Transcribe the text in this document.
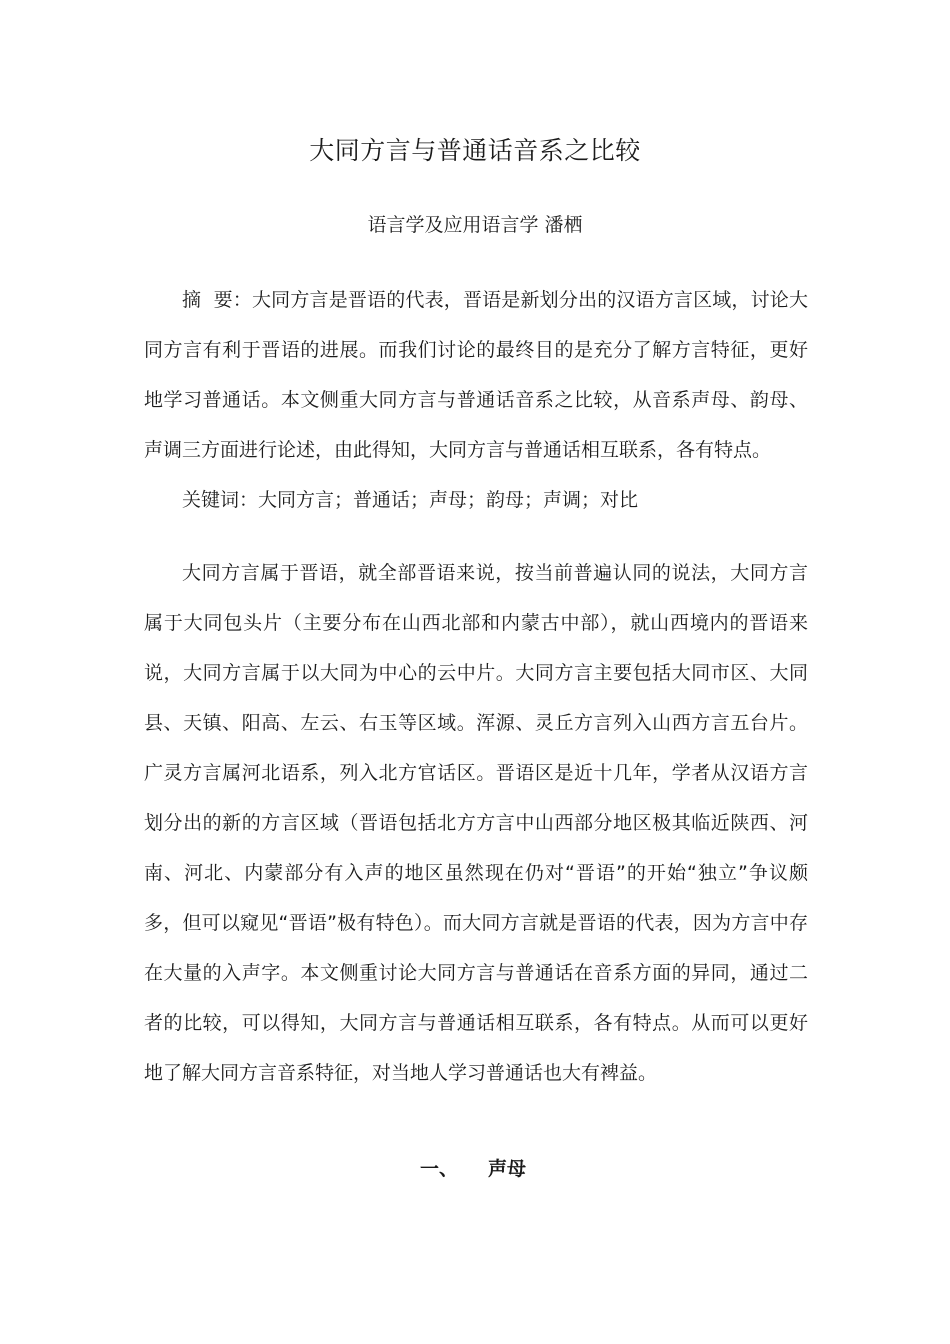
大同方言与普通话音系之比较
语言学及应用语言学 潘栖

摘  要：大同方言是晋语的代表，晋语是新划分出的汉语方言区域，讨论大同方言有利于晋语的进展。而我们讨论的最终目的是充分了解方言特征，更好地学习普通话。本文侧重大同方言与普通话音系之比较，从音系声母、韵母、声调三方面进行论述，由此得知，大同方言与普通话相互联系，各有特点。

关键词：大同方言；普通话；声母；韵母；声调；对比

大同方言属于晋语，就全部晋语来说，按当前普遍认同的说法，大同方言属于大同包头片（主要分布在山西北部和内蒙古中部），就山西境内的晋语来说，大同方言属于以大同为中心的云中片。大同方言主要包括大同市区、大同县、天镇、阳高、左云、右玉等区域。浑源、灵丘方言列入山西方言五台片。广灵方言属河北语系，列入北方官话区。晋语区是近十几年，学者从汉语方言划分出的新的方言区域（晋语包括北方方言中山西部分地区极其临近陕西、河南、河北、内蒙部分有入声的地区虽然现在仍对“晋语”的开始“独立”争议颇多，但可以窥见“晋语”极有特色）。而大同方言就是晋语的代表，因为方言中存在大量的入声字。本文侧重讨论大同方言与普通话在音系方面的异同，通过二者的比较，可以得知，大同方言与普通话相互联系，各有特点。从而可以更好地了解大同方言音系特征，对当地人学习普通话也大有裨益。

一、 声母
